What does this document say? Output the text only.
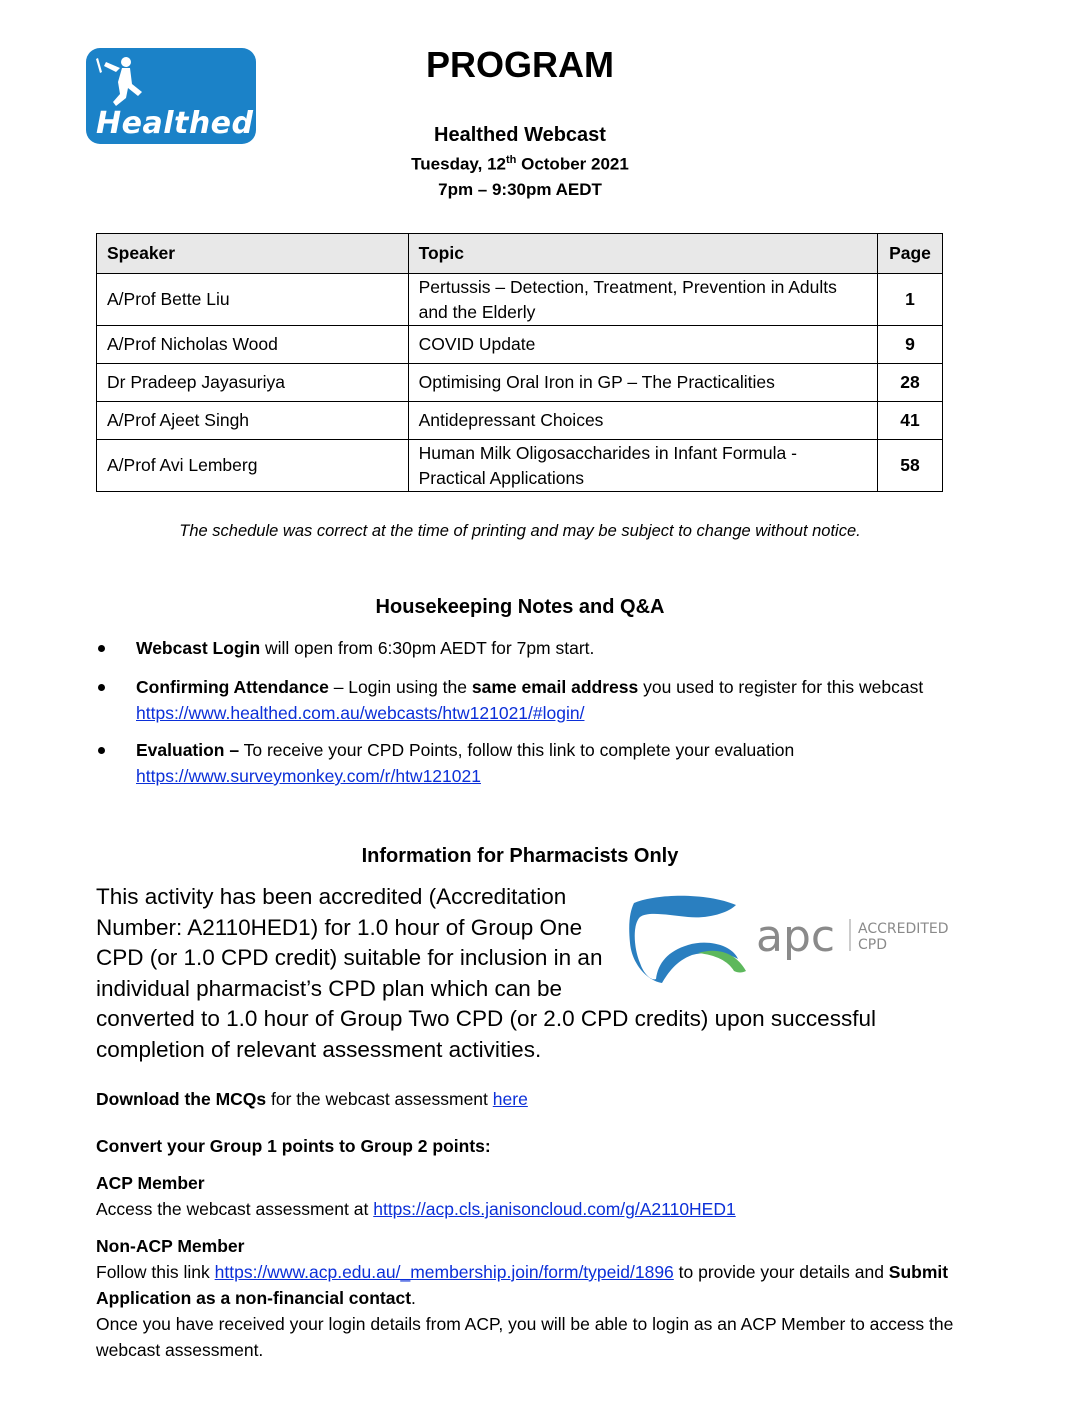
Healthed
PROGRAM
Healthed Webcast
Tuesday, 12th October 2021
7pm – 9:30pm AEDT
Speaker	Topic	Page
A/Prof Bette Liu	Pertussis – Detection, Treatment, Prevention in Adults and the Elderly	1
A/Prof Nicholas Wood	COVID Update	9
Dr Pradeep Jayasuriya	Optimising Oral Iron in GP – The Practicalities	28
A/Prof Ajeet Singh	Antidepressant Choices	41
A/Prof Avi Lemberg	Human Milk Oligosaccharides in Infant Formula - Practical Applications	58
The schedule was correct at the time of printing and may be subject to change without notice.
Housekeeping Notes and Q&A
Webcast Login will open from 6:30pm AEDT for 7pm start.
Confirming Attendance – Login using the same email address you used to register for this webcast https://www.healthed.com.au/webcasts/htw121021/#login/
Evaluation – To receive your CPD Points, follow this link to complete your evaluation https://www.surveymonkey.com/r/htw121021
Information for Pharmacists Only
This activity has been accredited (Accreditation
Number: A2110HED1) for 1.0 hour of Group One
CPD (or 1.0 CPD credit) suitable for inclusion in an
individual pharmacist’s CPD plan which can be
converted to 1.0 hour of Group Two CPD (or 2.0 CPD credits) upon successful
completion of relevant assessment activities.
apc ACCREDITED
CPD
Download the MCQs for the webcast assessment here
Convert your Group 1 points to Group 2 points:
ACP Member
Access the webcast assessment at https://acp.cls.janisoncloud.com/g/A2110HED1
Non-ACP Member
Follow this link https://www.acp.edu.au/_membership.join/form/typeid/1896 to provide your details and Submit Application as a non-financial contact.
Once you have received your login details from ACP, you will be able to login as an ACP Member to access the webcast assessment.
